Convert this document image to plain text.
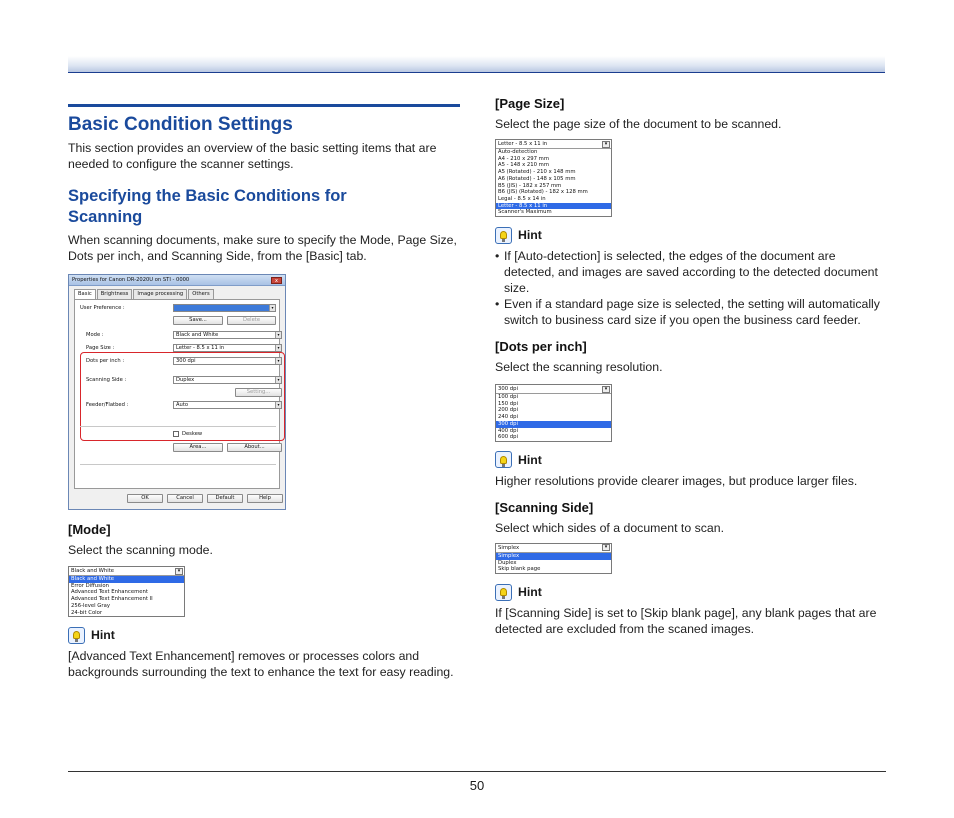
Basic Condition Settings

This section provides an overview of the basic setting items that are needed to configure the scanner settings.

Specifying the Basic Conditions for
Scanning

When scanning documents, make sure to specify the Mode, Page Size, Dots per inch, and Scanning Side, from the [Basic] tab.

Properties for Canon DR-2020U on STI - 0000	x
Basic	Brightness	Image processing	Others
User Preference :	▾
Save...	Delete
Mode :	Black and White	▾
Page Size :	Letter - 8.5 x 11 in	▾
Dots per inch :	300 dpi	▾
Scanning Side :	Duplex	▾
Setting...
Feeder/Flatbed :	Auto	▾
Deskew
Area...	About...
OK	Cancel	Default	Help
[Mode]

Select the scanning mode.

Black and White	▾
Black and White
Error Diffusion
Advanced Text Enhancement
Advanced Text Enhancement II
256-level Gray
24-bit Color
Hint

[Advanced Text Enhancement] removes or processes colors and backgrounds surrounding the text to enhance the text for easy reading.

[Page Size]

Select the page size of the document to be scanned.

Letter - 8.5 x 11 in	▾
Auto-detection
A4 - 210 x 297 mm
A5 - 148 x 210 mm
A5 (Rotated) - 210 x 148 mm
A6 (Rotated) - 148 x 105 mm
B5 (JIS) - 182 x 257 mm
B6 (JIS) (Rotated) - 182 x 128 mm
Legal - 8.5 x 14 in
Letter - 8.5 x 11 in
Scanner's Maximum
Hint
• If [Auto-detection] is selected, the edges of the document are detected, and images are saved according to the detected document size.
• Even if a standard page size is selected, the setting will automatically switch to business card size if you open the business card feeder.
[Dots per inch]

Select the scanning resolution.

300 dpi	▾
100 dpi
150 dpi
200 dpi
240 dpi
300 dpi
400 dpi
600 dpi
Hint

Higher resolutions provide clearer images, but produce larger files.

[Scanning Side]

Select which sides of a document to scan.

Simplex	▾
Simplex
Duplex
Skip blank page
Hint

If [Scanning Side] is set to [Skip blank page], any blank pages that are detected are excluded from the scaned images.

50
